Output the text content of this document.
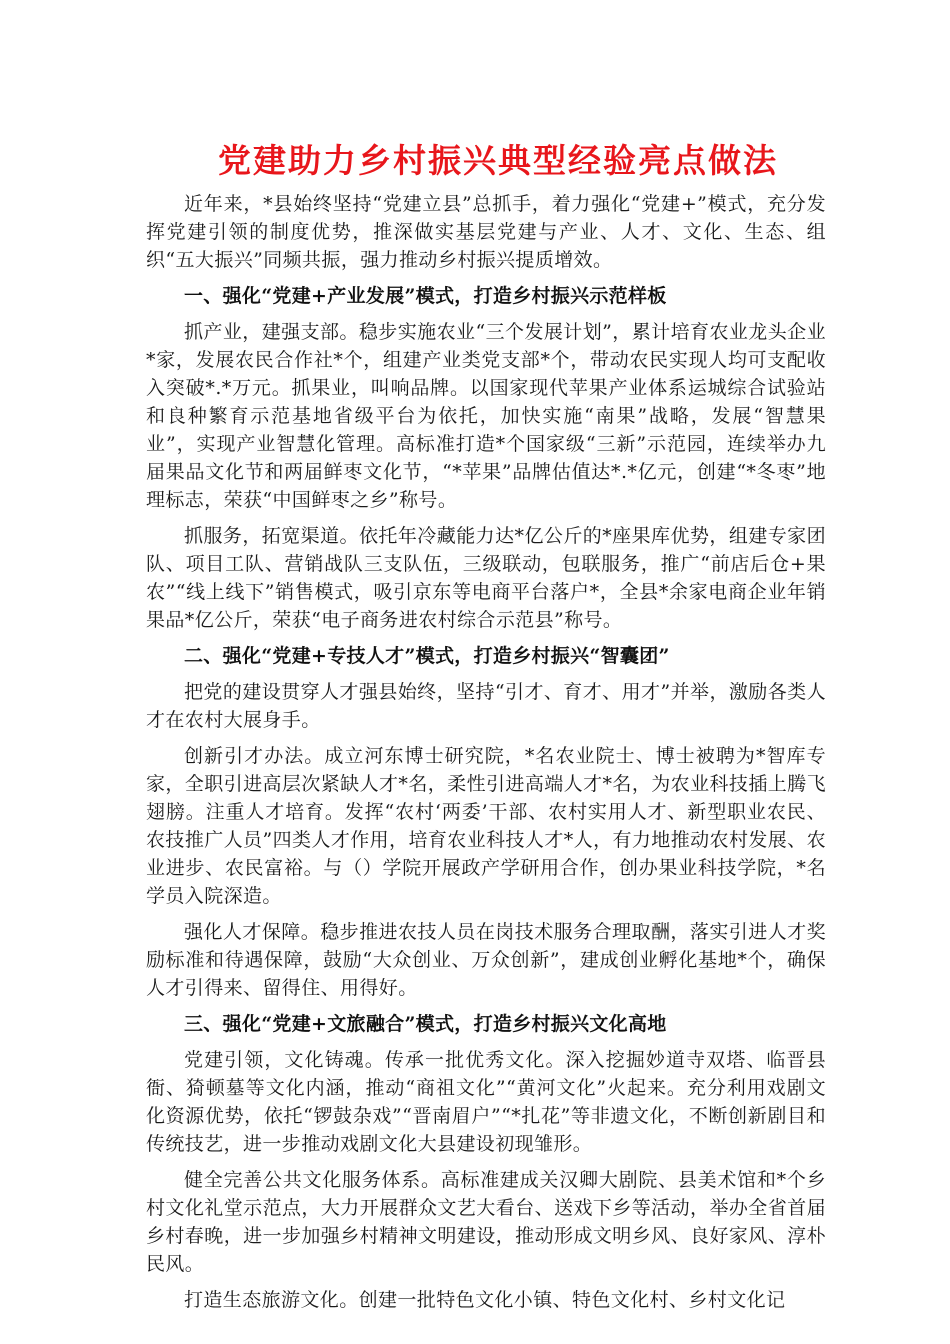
党建助力乡村振兴典型经验亮点做法

近年来，*县始终坚持“党建立县”总抓手，着力强化“党建+”模式，充分发挥党建引领的制度优势，推深做实基层党建与产业、人才、文化、生态、组织“五大振兴”同频共振，强力推动乡村振兴提质增效。

一、强化“党建+产业发展”模式，打造乡村振兴示范样板

抓产业，建强支部。稳步实施农业“三个发展计划”，累计培育农业龙头企业*家，发展农民合作社*个，组建产业类党支部*个，带动农民实现人均可支配收入突破*.*万元。抓果业，叫响品牌。以国家现代苹果产业体系运城综合试验站和良种繁育示范基地省级平台为依托，加快实施“南果”战略，发展“智慧果业”，实现产业智慧化管理。高标准打造*个国家级“三新”示范园，连续举办九届果品文化节和两届鲜枣文化节，“*苹果”品牌估值达*.*亿元，创建“*冬枣”地理标志，荣获“中国鲜枣之乡”称号。

抓服务，拓宽渠道。依托年冷藏能力达*亿公斤的*座果库优势，组建专家团队、项目工队、营销战队三支队伍，三级联动，包联服务，推广“前店后仓+果农”“线上线下”销售模式，吸引京东等电商平台落户*，全县*余家电商企业年销果品*亿公斤，荣获“电子商务进农村综合示范县”称号。

二、强化“党建+专技人才”模式，打造乡村振兴“智囊团”

把党的建设贯穿人才强县始终，坚持“引才、育才、用才”并举，激励各类人才在农村大展身手。

创新引才办法。成立河东博士研究院，*名农业院士、博士被聘为*智库专家，全职引进高层次紧缺人才*名，柔性引进高端人才*名，为农业科技插上腾飞翅膀。注重人才培育。发挥“农村‘两委’干部、农村实用人才、新型职业农民、农技推广人员”四类人才作用，培育农业科技人才*人，有力地推动农村发展、农业进步、农民富裕。与（）学院开展政产学研用合作，创办果业科技学院，*名学员入院深造。

强化人才保障。稳步推进农技人员在岗技术服务合理取酬，落实引进人才奖励标准和待遇保障，鼓励“大众创业、万众创新”，建成创业孵化基地*个，确保人才引得来、留得住、用得好。

三、强化“党建+文旅融合”模式，打造乡村振兴文化高地

党建引领，文化铸魂。传承一批优秀文化。深入挖掘妙道寺双塔、临晋县衙、猗顿墓等文化内涵，推动“商祖文化”“黄河文化”火起来。充分利用戏剧文化资源优势，依托“锣鼓杂戏”“晋南眉户”“*扎花”等非遗文化，不断创新剧目和传统技艺，进一步推动戏剧文化大县建设初现雏形。

健全完善公共文化服务体系。高标准建成关汉卿大剧院、县美术馆和*个乡村文化礼堂示范点，大力开展群众文艺大看台、送戏下乡等活动，举办全省首届乡村春晚，进一步加强乡村精神文明建设，推动形成文明乡风、良好家风、淳朴民风。

打造生态旅游文化。创建一批特色文化小镇、特色文化村、乡村文化记
